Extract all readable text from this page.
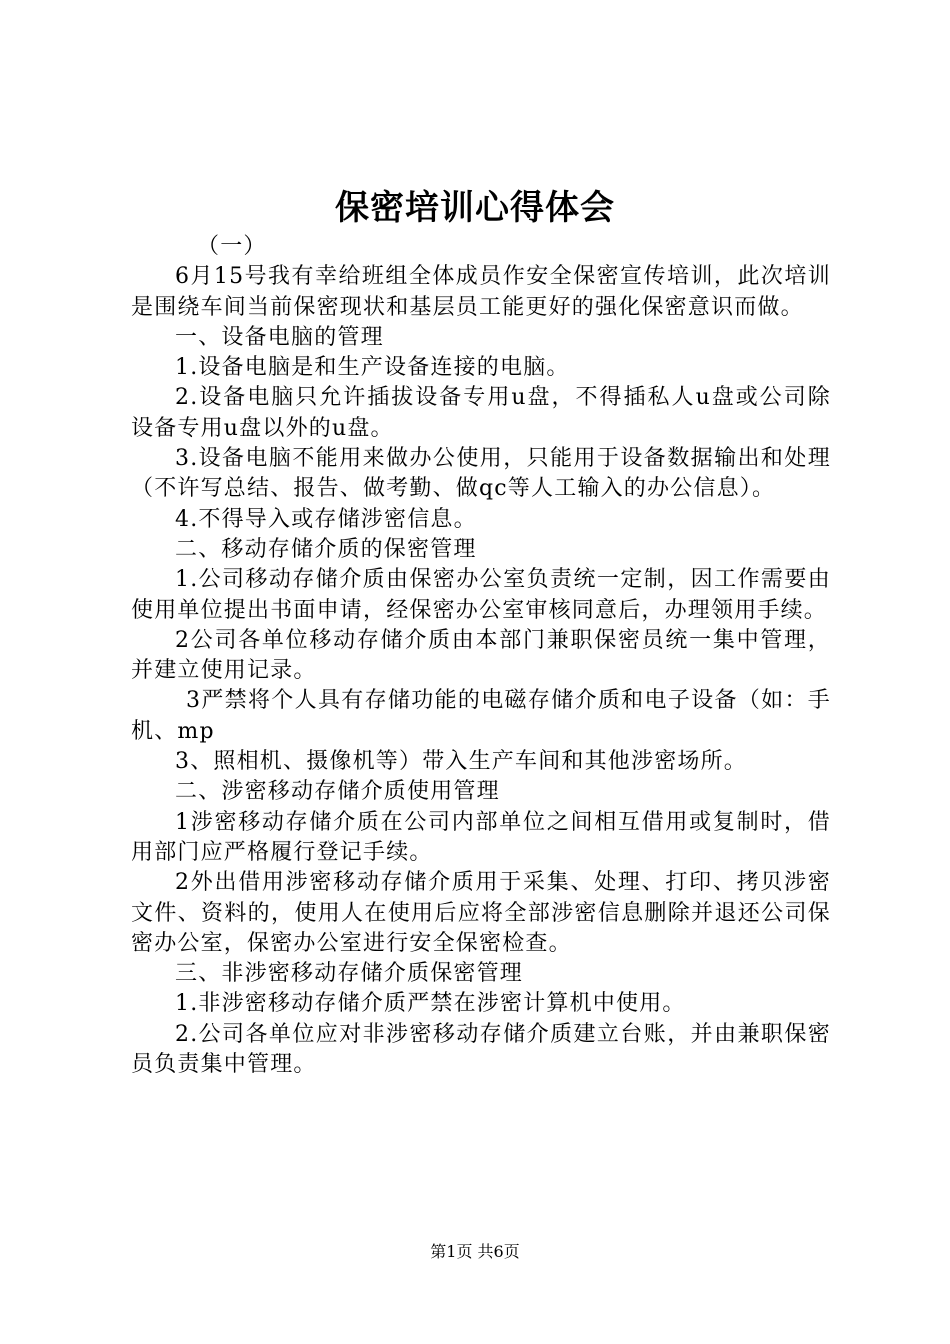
保密培训心得体会

（一）

6月15号我有幸给班组全体成员作安全保密宣传培训，此次培训是围绕车间当前保密现状和基层员工能更好的强化保密意识而做。

一、设备电脑的管理

1.设备电脑是和生产设备连接的电脑。

2.设备电脑只允许插拔设备专用u盘，不得插私人u盘或公司除设备专用u盘以外的u盘。

3.设备电脑不能用来做办公使用，只能用于设备数据输出和处理（不许写总结、报告、做考勤、做qc等人工输入的办公信息）。

4.不得导入或存储涉密信息。

二、移动存储介质的保密管理

1.公司移动存储介质由保密办公室负责统一定制，因工作需要由使用单位提出书面申请，经保密办公室审核同意后，办理领用手续。

2公司各单位移动存储介质由本部门兼职保密员统一集中管理，并建立使用记录。

3严禁将个人具有存储功能的电磁存储介质和电子设备（如：手机、mp

3、照相机、摄像机等）带入生产车间和其他涉密场所。

二、涉密移动存储介质使用管理

1涉密移动存储介质在公司内部单位之间相互借用或复制时，借用部门应严格履行登记手续。

2外出借用涉密移动存储介质用于采集、处理、打印、拷贝涉密文件、资料的，使用人在使用后应将全部涉密信息删除并退还公司保密办公室，保密办公室进行安全保密检查。

三、非涉密移动存储介质保密管理

1.非涉密移动存储介质严禁在涉密计算机中使用。

2.公司各单位应对非涉密移动存储介质建立台账，并由兼职保密员负责集中管理。

第1页 共6页
